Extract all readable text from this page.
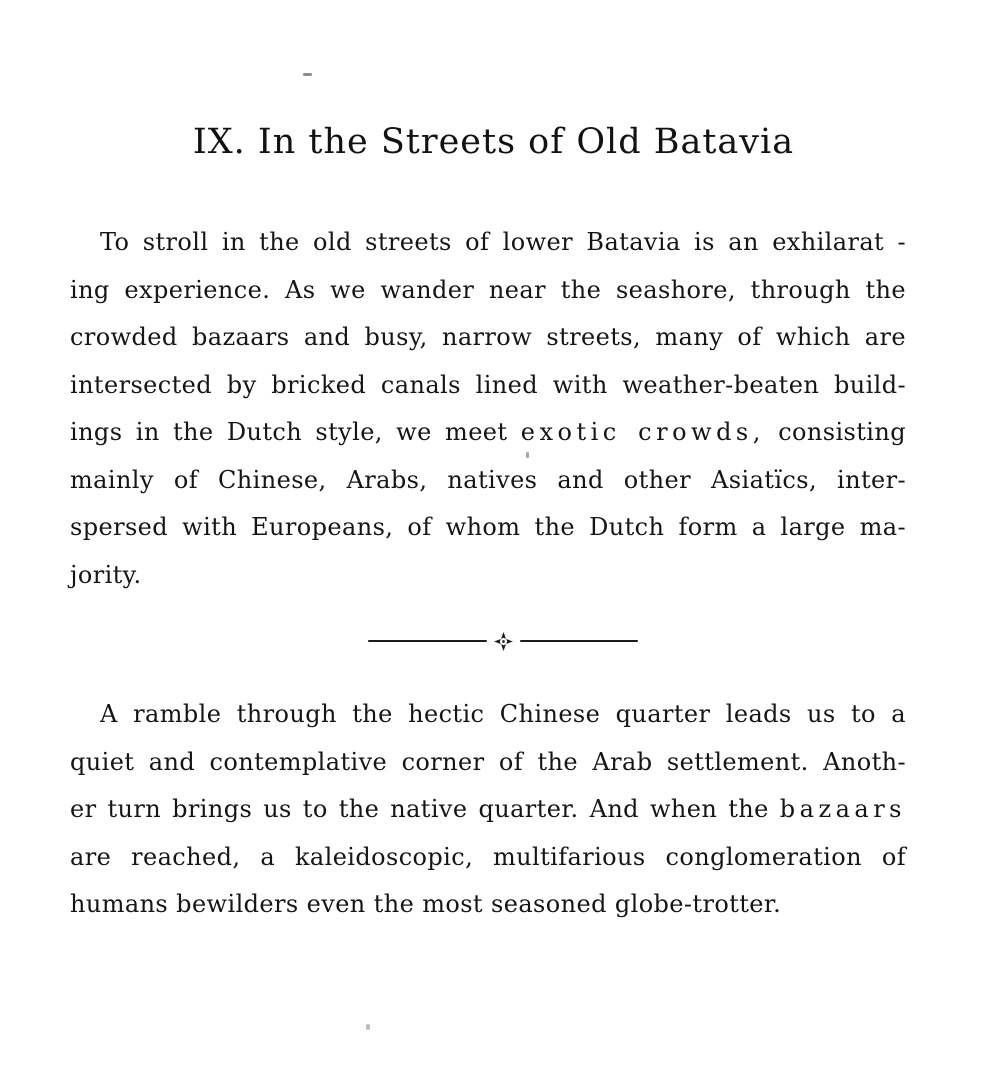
IX. In the Streets of Old Batavia
To stroll in the old streets of lower Batavia is an exhilarat -
ing experience. As we wander near the seashore, through the
crowded bazaars and busy, narrow streets, many of which are
intersected by bricked canals lined with weather-beaten build-
ings in the Dutch style, we meet exotic crowds, consisting
mainly of Chinese, Arabs, natives and other Asiatïcs, inter-
spersed with Europeans, of whom the Dutch form a large ma-
jority.
A ramble through the hectic Chinese quarter leads us to a
quiet and contemplative corner of the Arab settlement. Anoth-
er turn brings us to the native quarter. And when the bazaars
are reached, a kaleidoscopic, multifarious conglomeration of
humans bewilders even the most seasoned globe-trotter.
